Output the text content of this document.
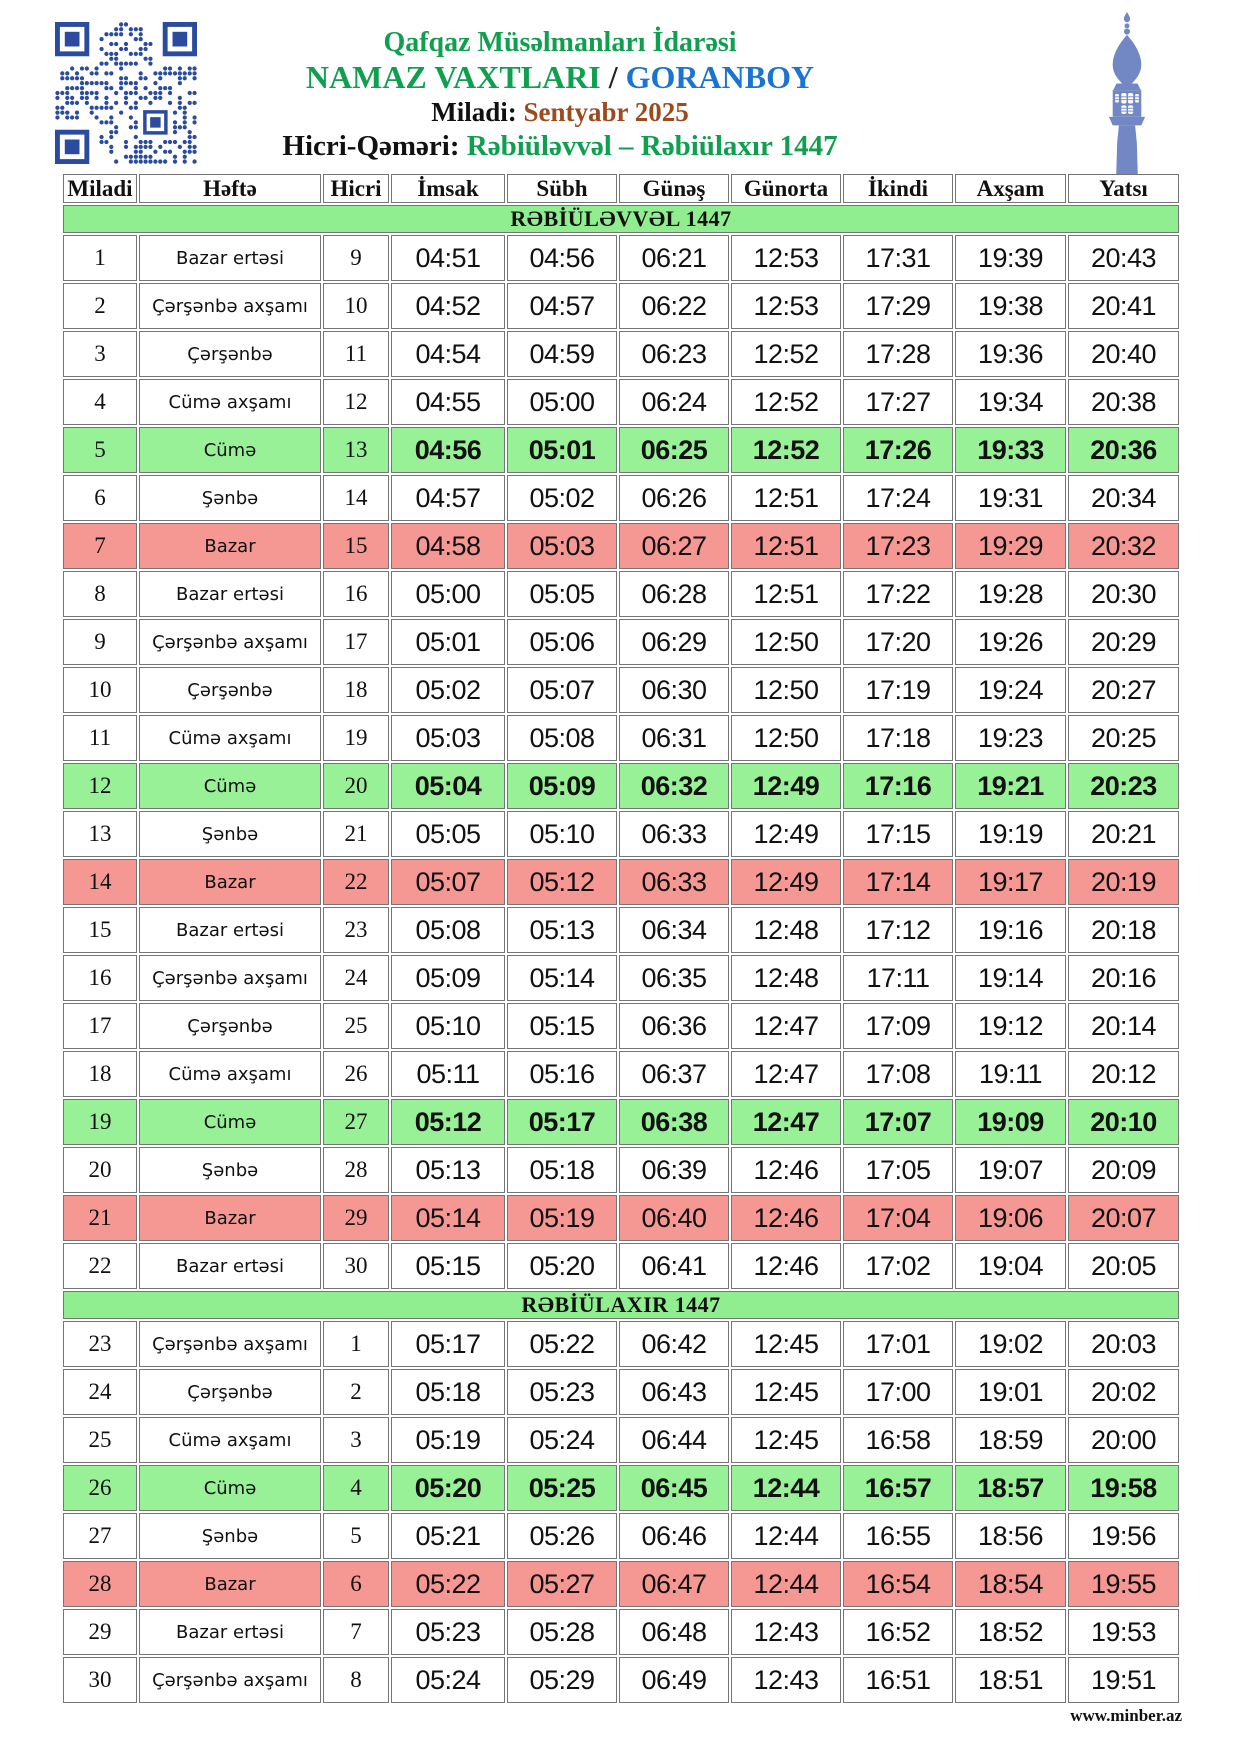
Qafqaz Müsəlmanları İdarəsi
NAMAZ VAXTLARI / GORANBOY
Miladi: Sentyabr 2025
Hicri-Qəməri: Rəbiüləvvəl – Rəbiülaxır 1447
Miladi	Həftə	Hicri	İmsak	Sübh	Günəş	Günorta	İkindi	Axşam	Yatsı
RƏBİÜLƏVVƏL 1447									
1	Bazar ertəsi	9	04:51	04:56	06:21	12:53	17:31	19:39	20:43
2	Çərşənbə axşamı	10	04:52	04:57	06:22	12:53	17:29	19:38	20:41
3	Çərşənbə	11	04:54	04:59	06:23	12:52	17:28	19:36	20:40
4	Cümə axşamı	12	04:55	05:00	06:24	12:52	17:27	19:34	20:38
5	Cümə	13	04:56	05:01	06:25	12:52	17:26	19:33	20:36
6	Şənbə	14	04:57	05:02	06:26	12:51	17:24	19:31	20:34
7	Bazar	15	04:58	05:03	06:27	12:51	17:23	19:29	20:32
8	Bazar ertəsi	16	05:00	05:05	06:28	12:51	17:22	19:28	20:30
9	Çərşənbə axşamı	17	05:01	05:06	06:29	12:50	17:20	19:26	20:29
10	Çərşənbə	18	05:02	05:07	06:30	12:50	17:19	19:24	20:27
11	Cümə axşamı	19	05:03	05:08	06:31	12:50	17:18	19:23	20:25
12	Cümə	20	05:04	05:09	06:32	12:49	17:16	19:21	20:23
13	Şənbə	21	05:05	05:10	06:33	12:49	17:15	19:19	20:21
14	Bazar	22	05:07	05:12	06:33	12:49	17:14	19:17	20:19
15	Bazar ertəsi	23	05:08	05:13	06:34	12:48	17:12	19:16	20:18
16	Çərşənbə axşamı	24	05:09	05:14	06:35	12:48	17:11	19:14	20:16
17	Çərşənbə	25	05:10	05:15	06:36	12:47	17:09	19:12	20:14
18	Cümə axşamı	26	05:11	05:16	06:37	12:47	17:08	19:11	20:12
19	Cümə	27	05:12	05:17	06:38	12:47	17:07	19:09	20:10
20	Şənbə	28	05:13	05:18	06:39	12:46	17:05	19:07	20:09
21	Bazar	29	05:14	05:19	06:40	12:46	17:04	19:06	20:07
22	Bazar ertəsi	30	05:15	05:20	06:41	12:46	17:02	19:04	20:05
RƏBİÜLAXIR 1447									
23	Çərşənbə axşamı	1	05:17	05:22	06:42	12:45	17:01	19:02	20:03
24	Çərşənbə	2	05:18	05:23	06:43	12:45	17:00	19:01	20:02
25	Cümə axşamı	3	05:19	05:24	06:44	12:45	16:58	18:59	20:00
26	Cümə	4	05:20	05:25	06:45	12:44	16:57	18:57	19:58
27	Şənbə	5	05:21	05:26	06:46	12:44	16:55	18:56	19:56
28	Bazar	6	05:22	05:27	06:47	12:44	16:54	18:54	19:55
29	Bazar ertəsi	7	05:23	05:28	06:48	12:43	16:52	18:52	19:53
30	Çərşənbə axşamı	8	05:24	05:29	06:49	12:43	16:51	18:51	19:51
www.minber.az
